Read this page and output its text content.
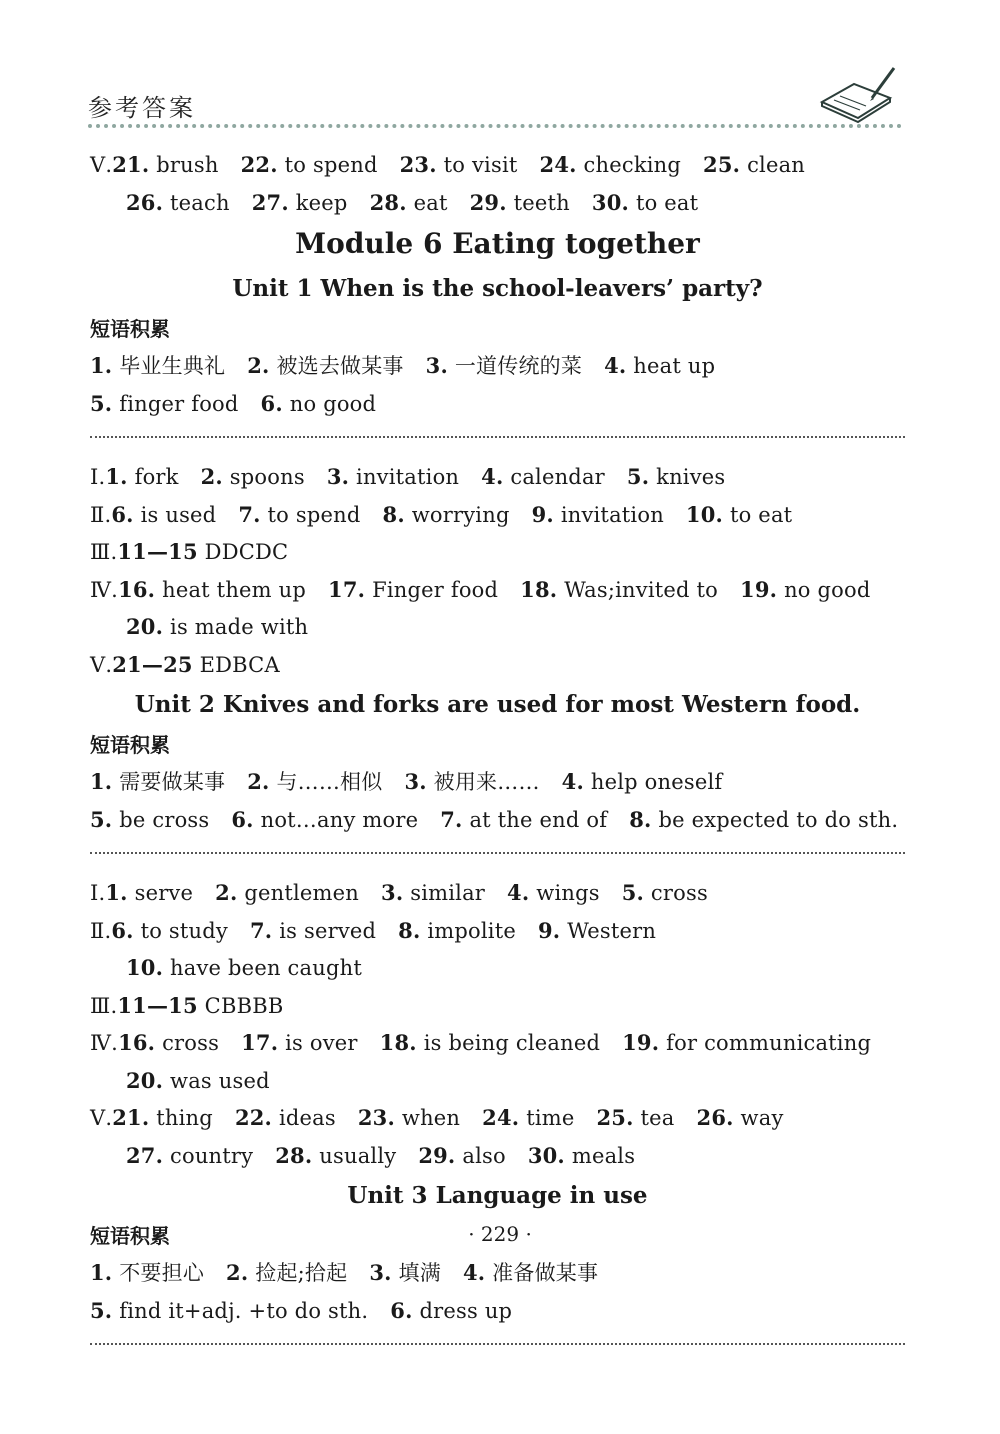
参考答案
Ⅴ.21. brush 22. to spend 23. to visit 24. checking 25. clean
26. teach 27. keep 28. eat 29. teeth 30. to eat
Module 6 Eating together
Unit 1 When is the school-leavers’ party?
短语积累
1. 毕业生典礼 2. 被选去做某事 3. 一道传统的菜 4. heat up
5. finger food 6. no good
Ⅰ.1. fork 2. spoons 3. invitation 4. calendar 5. knives
Ⅱ.6. is used 7. to spend 8. worrying 9. invitation 10. to eat
Ⅲ.11—15 DDCDC
Ⅳ.16. heat them up 17. Finger food 18. Was;invited to 19. no good
20. is made with
Ⅴ.21—25 EDBCA
Unit 2 Knives and forks are used for most Western food.
短语积累
1. 需要做某事 2. 与……相似 3. 被用来…… 4. help oneself
5. be cross 6. not…any more 7. at the end of 8. be expected to do sth.
Ⅰ.1. serve 2. gentlemen 3. similar 4. wings 5. cross
Ⅱ.6. to study 7. is served 8. impolite 9. Western
10. have been caught
Ⅲ.11—15 CBBBB
Ⅳ.16. cross 17. is over 18. is being cleaned 19. for communicating
20. was used
Ⅴ.21. thing 22. ideas 23. when 24. time 25. tea 26. way
27. country 28. usually 29. also 30. meals
Unit 3 Language in use
短语积累
1. 不要担心 2. 捡起;拾起 3. 填满 4. 准备做某事
5. find it+adj. +to do sth. 6. dress up
· 229 ·
